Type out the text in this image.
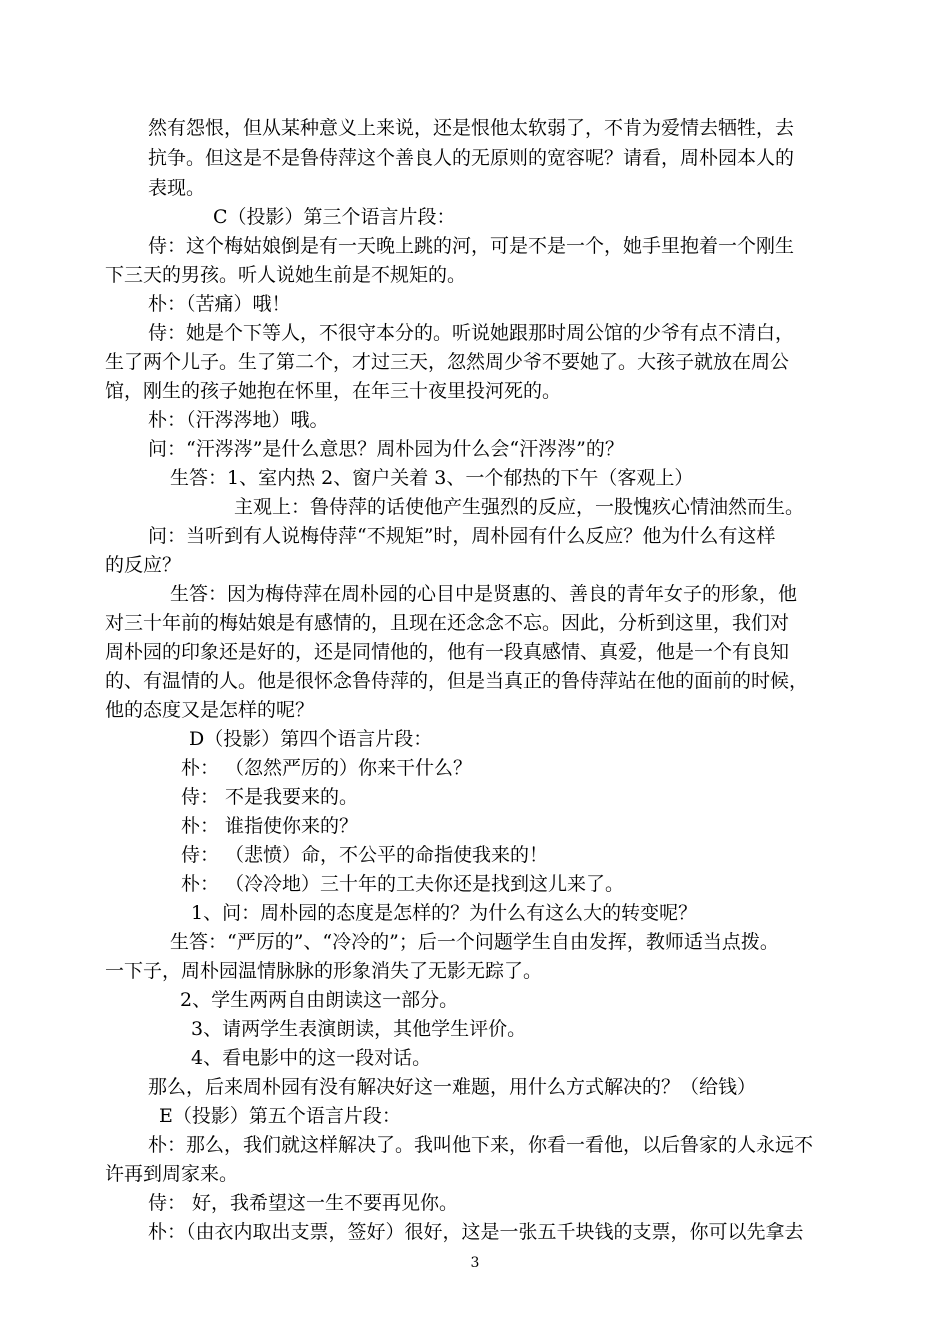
然有怨恨，但从某种意义上来说，还是恨他太软弱了，不肯为爱情去牺牲，去
抗争。但这是不是鲁侍萍这个善良人的无原则的宽容呢？请看，周朴园本人的
表现。
C（投影）第三个语言片段：
侍：这个梅姑娘倒是有一天晚上跳的河，可是不是一个，她手里抱着一个刚生
下三天的男孩。听人说她生前是不规矩的。
朴：（苦痛）哦！
侍：她是个下等人，不很守本分的。听说她跟那时周公馆的少爷有点不清白，
生了两个儿子。生了第二个，才过三天，忽然周少爷不要她了。大孩子就放在周公
馆，刚生的孩子她抱在怀里，在年三十夜里投河死的。
朴：（汗涔涔地）哦。
问：“汗涔涔”是什么意思？周朴园为什么会“汗涔涔”的？
生答：1、室内热 2、窗户关着 3、一个郁热的下午（客观上）
主观上：鲁侍萍的话使他产生强烈的反应，一股愧疚心情油然而生。
问：当听到有人说梅侍萍“不规矩”时，周朴园有什么反应？他为什么有这样
的反应？
生答：因为梅侍萍在周朴园的心目中是贤惠的、善良的青年女子的形象，他
对三十年前的梅姑娘是有感情的，且现在还念念不忘。因此，分析到这里，我们对
周朴园的印象还是好的，还是同情他的，他有一段真感情、真爱，他是一个有良知
的、有温情的人。他是很怀念鲁侍萍的，但是当真正的鲁侍萍站在他的面前的时候，
他的态度又是怎样的呢？
D（投影）第四个语言片段：
朴： （忽然严厉的）你来干什么？
侍： 不是我要来的。
朴： 谁指使你来的？
侍： （悲愤）命，不公平的命指使我来的！
朴： （冷冷地）三十年的工夫你还是找到这儿来了。
1、问：周朴园的态度是怎样的？为什么有这么大的转变呢？
生答：“严厉的”、“冷冷的”；后一个问题学生自由发挥，教师适当点拨。
一下子，周朴园温情脉脉的形象消失了无影无踪了。
2、学生两两自由朗读这一部分。
3、请两学生表演朗读，其他学生评价。
4、看电影中的这一段对话。
那么，后来周朴园有没有解决好这一难题，用什么方式解决的？（给钱）
E（投影）第五个语言片段：
朴：那么，我们就这样解决了。我叫他下来，你看一看他，以后鲁家的人永远不
许再到周家来。
侍： 好，我希望这一生不要再见你。
朴：（由衣内取出支票，签好）很好，这是一张五千块钱的支票，你可以先拿去
3
